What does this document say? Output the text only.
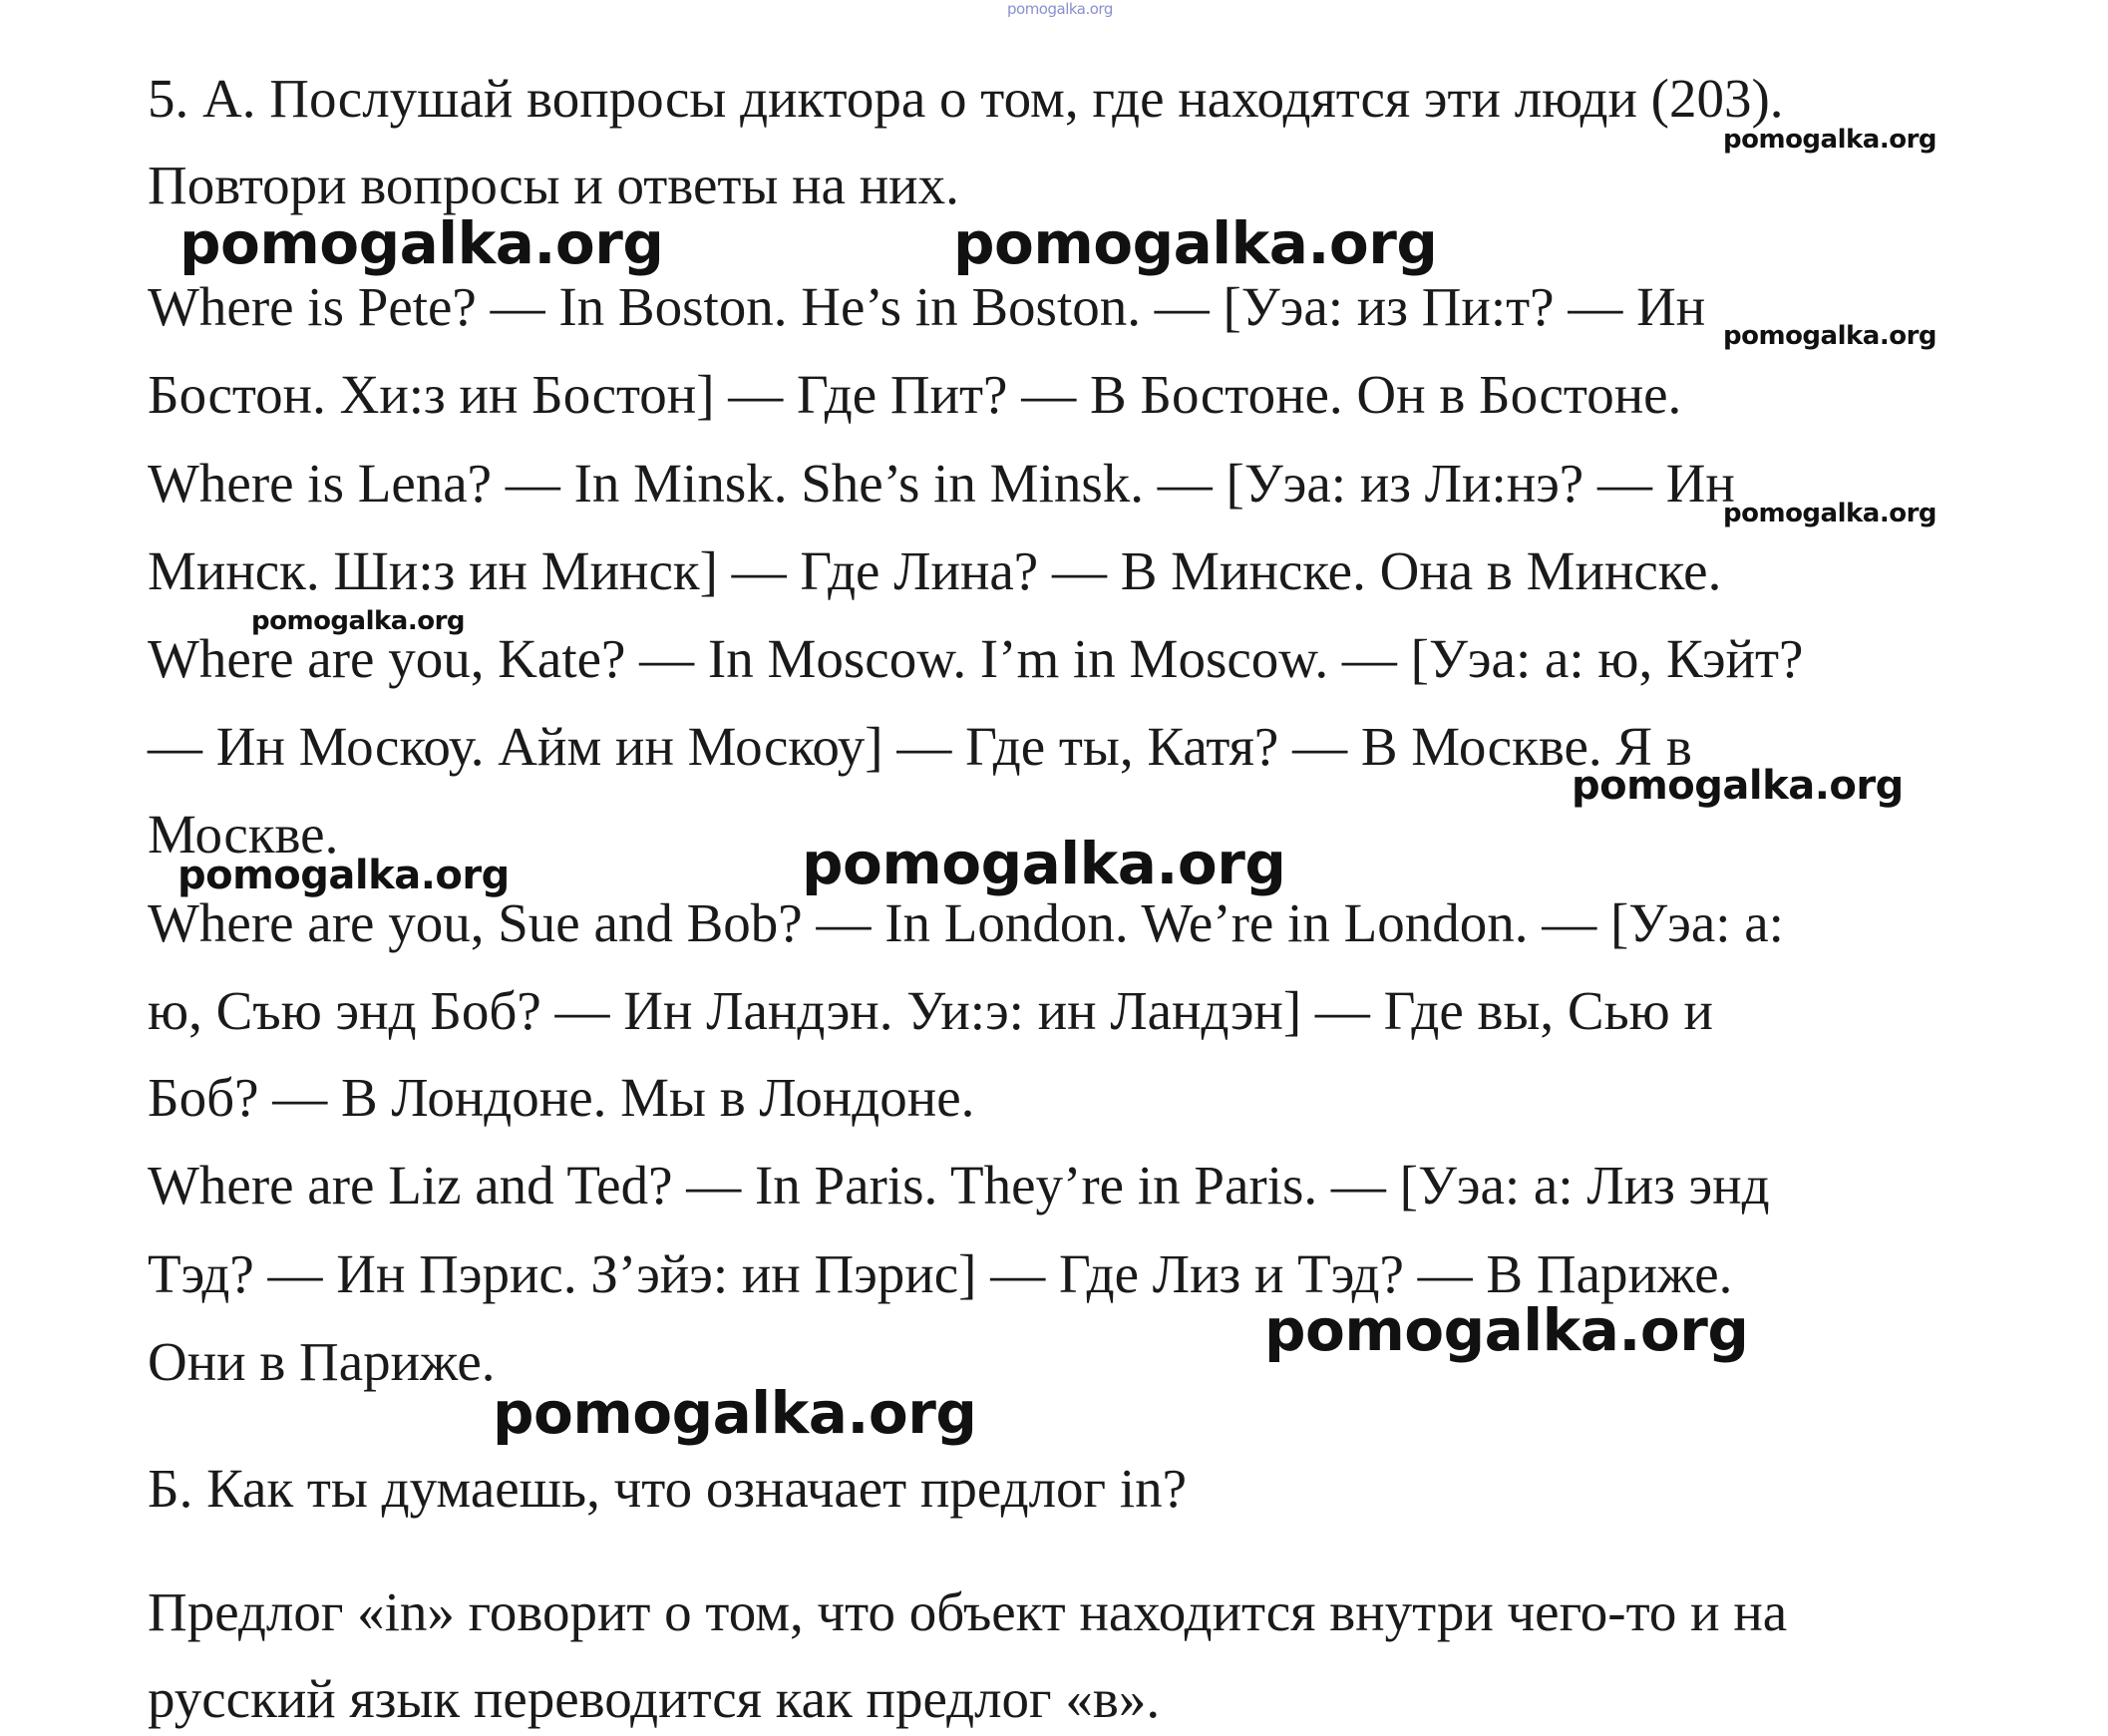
pomogalka.org
5. А. Послушай вопросы диктора о том, где находятся эти люди (203).
Повтори вопросы и ответы на них.
Where is Pete? — In Boston. He’s in Boston. — [Уэа: из Пи:т? — Ин
Бостон. Хи:з ин Бостон] — Где Пит? — В Бостоне. Он в Бостоне.
Where is Lena? — In Minsk. She’s in Minsk. — [Уэа: из Ли:нэ? — Ин
Минск. Ши:з ин Минск] — Где Лина? — В Минске. Она в Минске.
Where are you, Kate? — In Moscow. I’m in Moscow. — [Уэа: а: ю, Кэйт?
— Ин Москоу. Айм ин Москоу] — Где ты, Катя? — В Москве. Я в
Москве.
Where are you, Sue and Bob? — In London. We’re in London. — [Уэа: а:
ю, Съю энд Боб? — Ин Ландэн. Уи:э: ин Ландэн] — Где вы, Сью и
Боб? — В Лондоне. Мы в Лондоне.
Where are Liz and Ted? — In Paris. They’re in Paris. — [Уэа: а: Лиз энд
Тэд? — Ин Пэрис. З’эйэ: ин Пэрис] — Где Лиз и Тэд? — В Париже.
Они в Париже.
Б. Как ты думаешь, что означает предлог in?
Предлог «in» говорит о том, что объект находится внутри чего-то и на
русский язык переводится как предлог «в».
pomogalka.org
pomogalka.org	pomogalka.org
pomogalka.org
pomogalka.org
pomogalka.org
pomogalka.org
pomogalka.org	pomogalka.org
pomogalka.org
pomogalka.org
